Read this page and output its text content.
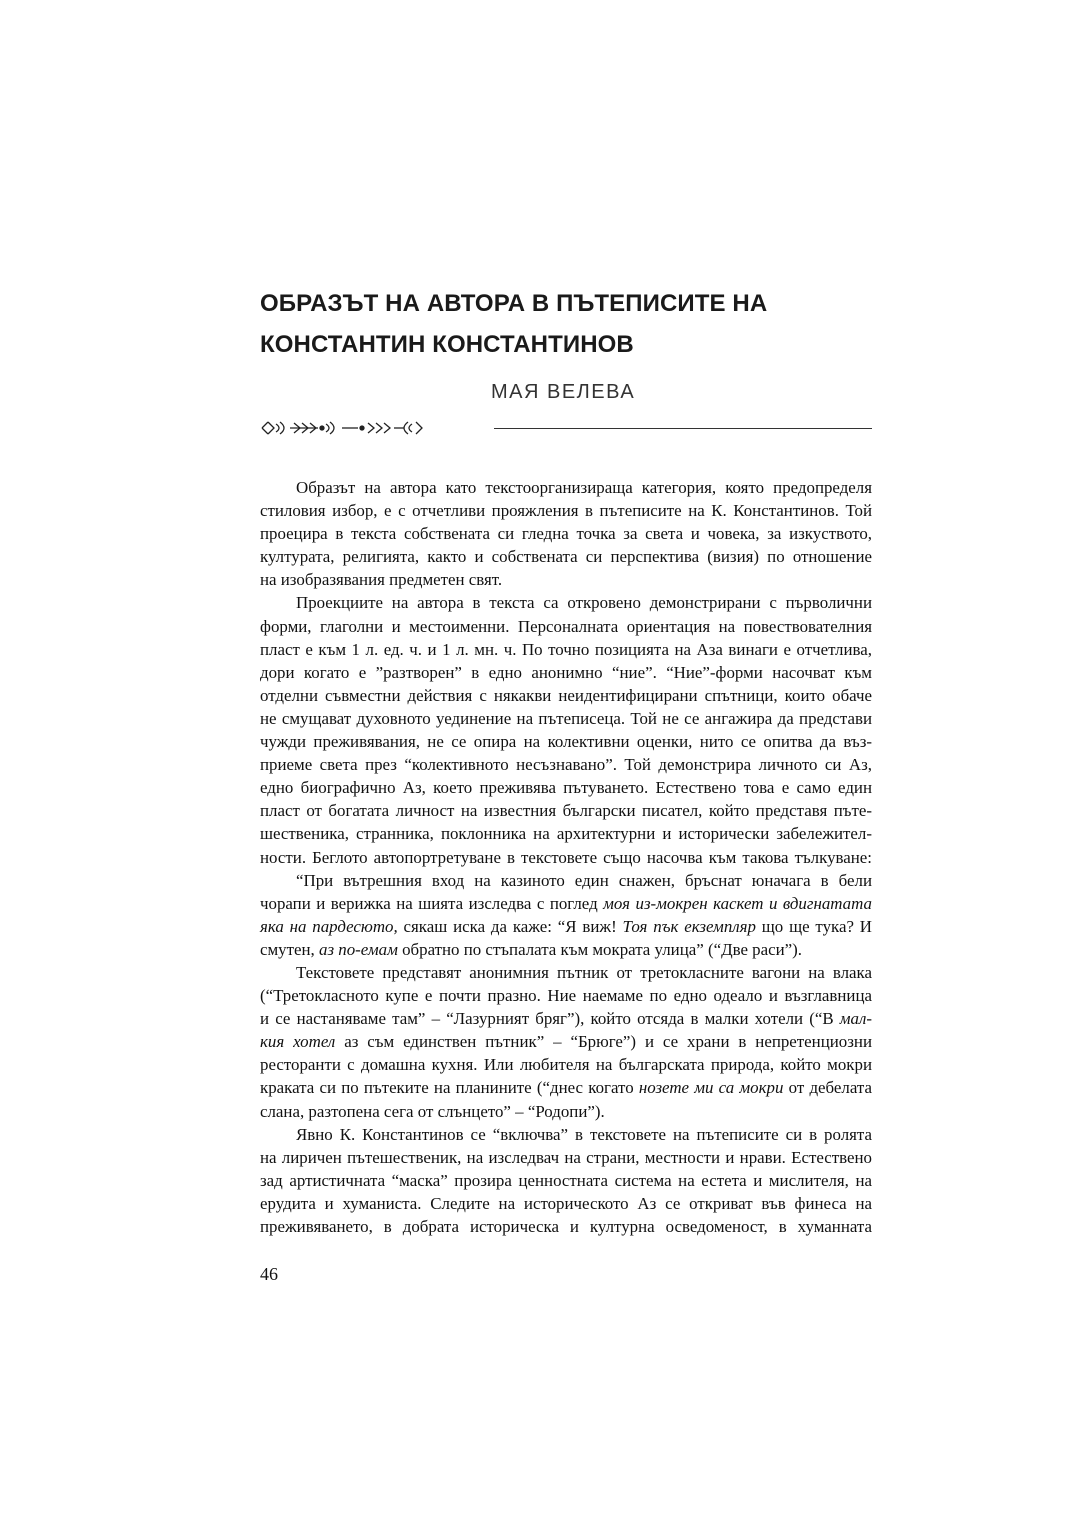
ОБРАЗЪТ НА АВТОРА В ПЪТЕПИСИТЕ НА
КОНСТАНТИН КОНСТАНТИНОВ
МАЯ ВЕЛЕВА
Образът на автора като текстоорганизираща категория, която предопределя
стиловия избор, е с отчетливи прояжления в пътеписите на К. Константинов. Той
проецира в текста собствената си гледна точка за света и човека, за изкуството,
културата, религията, както и собствената си перспектива (визия) по отношение
на изобразявания предметен свят.
Проекциите на автора в текста са откровено демонстрирани с първолични
форми, глаголни и местоименни. Персоналната ориентация на повествователния
пласт е към 1 л. ед. ч. и 1 л. мн. ч. По точно позицията на Аза винаги е отчетлива,
дори когато е ”разтворен” в едно анонимно “ние”. “Ние”-форми насочват към
отделни съвместни действия с някакви неидентифицирани спътници, които обаче
не смущават духовното уединение на пътеписеца. Той не се ангажира да представи
чужди преживявания, не се опира на колективни оценки, нито се опитва да въз-
приеме света през “колективното несъзнавано”. Той демонстрира личното си Аз,
едно биографично Аз, което преживява пътуването. Естествено това е само един
пласт от богатата личност на известния български писател, който представя пъте-
шественика, странника, поклонника на архитектурни и исторически забележител-
ности. Беглото автопортретуване в текстовете също насочва към такова тълкуване:
“При вътрешния вход на казиното един снажен, бръснат юначага в бели
чорапи и верижка на шията изследва с поглед моя из-мокрен каскет и вдигнатата
яка на пардесюто, сякаш иска да каже: “Я виж! Тоя пък екземпляр що ще тука? И
смутен, аз по-емам обратно по стъпалата към мократа улица” (“Две раси”).
Текстовете представят анонимния пътник от третокласните вагони на влака
(“Третокласното купе е почти празно. Ние наемаме по едно одеало и възглавница
и се настаняваме там” – “Лазурният бряг”), който отсяда в малки хотели (“В мал-
кия хотел аз съм единствен пътник” – “Брюге”) и се храни в непретенциозни
ресторанти с домашна кухня. Или любителя на българската природа, който мокри
краката си по пътеките на планините (“днес когато нозете ми са мокри от дебелата
слана, разтопена сега от слънцето” – “Родопи”).
Явно К. Константинов се “включва” в текстовете на пътеписите си в ролята
на лиричен пътешественик, на изследвач на страни, местности и нрави. Естествено
зад артистичната “маска” прозира ценностната система на естета и мислителя, на
ерудита и хуманиста. Следите на историческото Аз се откриват във финеса на
преживяването, в добрата историческа и културна осведоменост, в хуманната
46
